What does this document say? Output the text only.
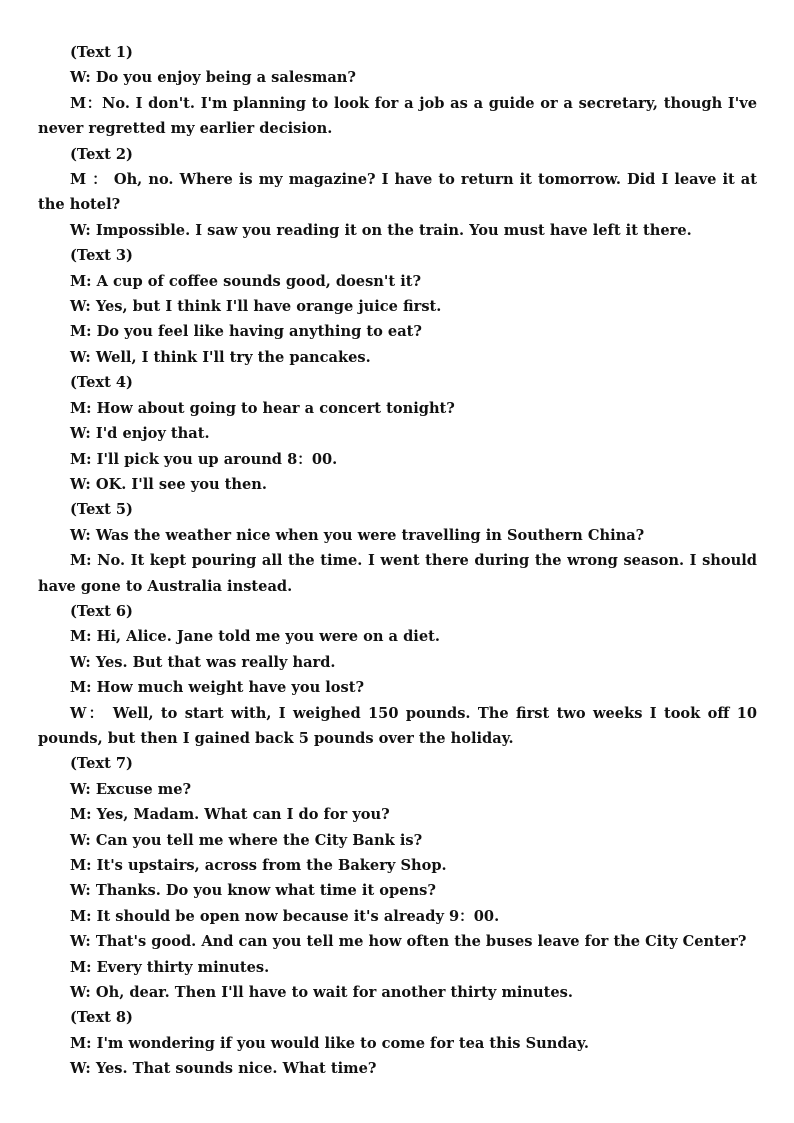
(Text 1)

W: Do you enjoy being a salesman?

M：No. I don't. I'm planning to look for a job as a guide or a secretary, though I've never regretted my earlier decision.

(Text 2)

M ： Oh, no. Where is my magazine? I have to return it tomorrow. Did I leave it at the hotel?

W: Impossible. I saw you reading it on the train. You must have left it there.

(Text 3)

M: A cup of coffee sounds good, doesn't it?

W: Yes, but I think I'll have orange juice first.

M: Do you feel like having anything to eat?

W: Well, I think I'll try the pancakes.

(Text 4)

M: How about going to hear a concert tonight?

W: I'd enjoy that.

M: I'll pick you up around 8：00.

W: OK. I'll see you then.

(Text 5)

W: Was the weather nice when you were travelling in Southern China?

M: No. It kept pouring all the time. I went there during the wrong season. I should have gone to Australia instead.

(Text 6)

M: Hi, Alice. Jane told me you were on a diet.

W: Yes. But that was really hard.

M: How much weight have you lost?

W： Well, to start with, I weighed 150 pounds. The first two weeks I took off 10 pounds, but then I gained back 5 pounds over the holiday.

(Text 7)

W: Excuse me?

M: Yes, Madam. What can I do for you?

W: Can you tell me where the City Bank is?

M: It's upstairs, across from the Bakery Shop.

W: Thanks. Do you know what time it opens?

M: It should be open now because it's already 9：00.

W: That's good. And can you tell me how often the buses leave for the City Center?

M: Every thirty minutes.

W: Oh, dear. Then I'll have to wait for another thirty minutes.

(Text 8)

M: I'm wondering if you would like to come for tea this Sunday.

W: Yes. That sounds nice. What time?
